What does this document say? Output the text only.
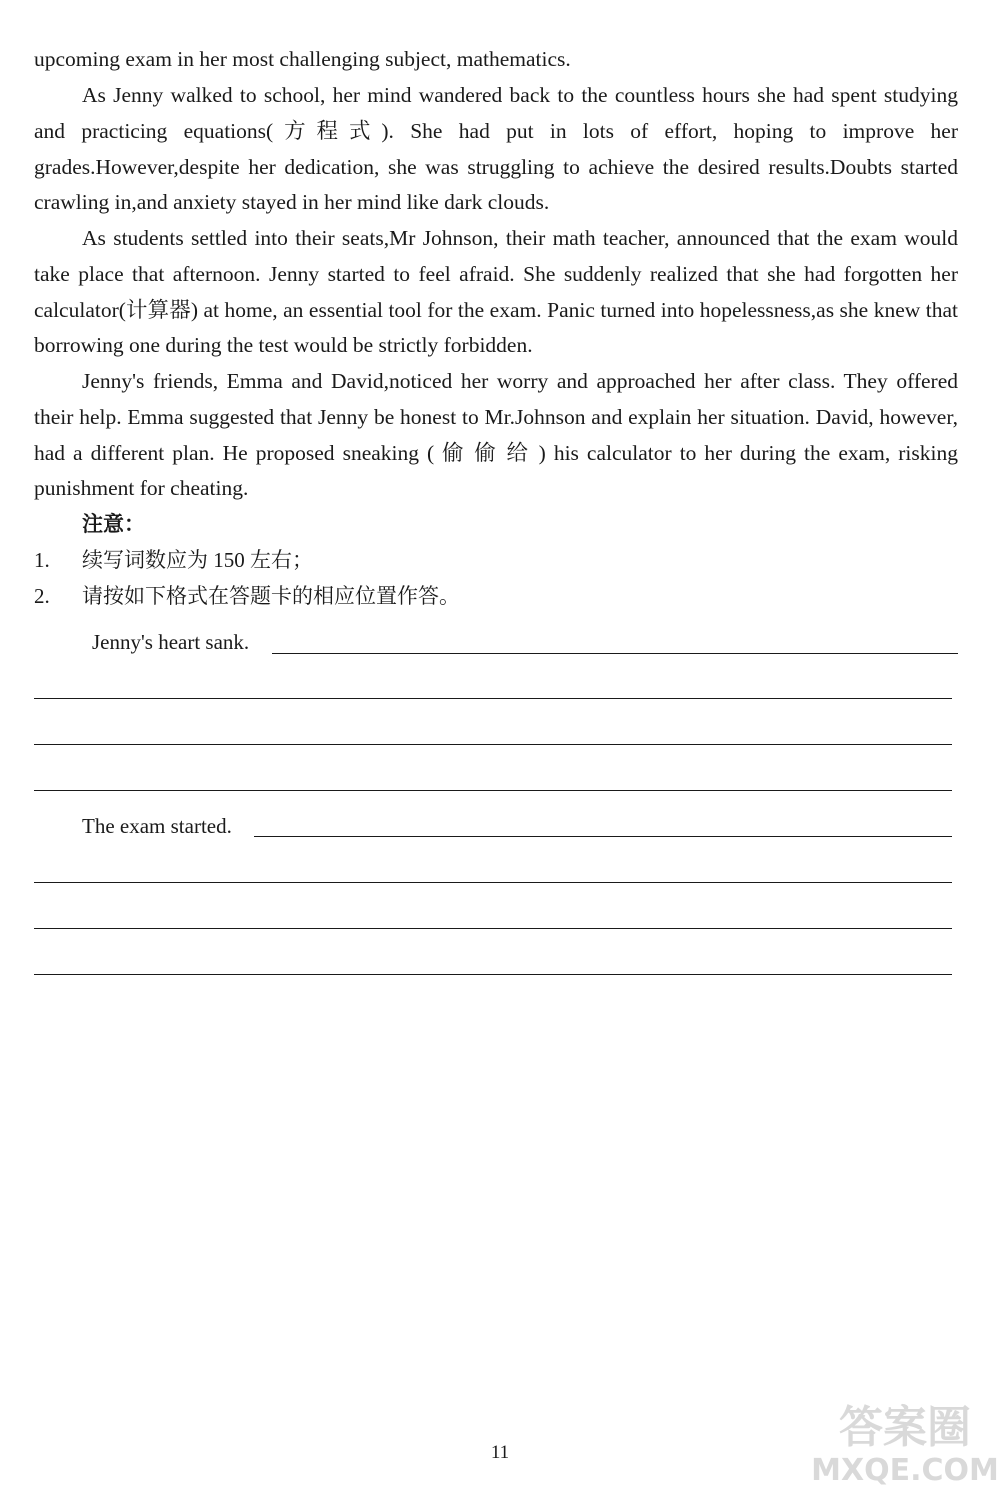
upcoming exam in her most challenging subject, mathematics.

As Jenny walked to school, her mind wandered back to the countless hours she had spent studying and practicing equations(方程式). She had put in lots of effort, hoping to improve her grades.However,despite her dedication, she was struggling to achieve the desired results.Doubts started crawling in,and anxiety stayed in her mind like dark clouds.

As students settled into their seats,Mr Johnson, their math teacher, announced that the exam would take place that afternoon. Jenny started to feel afraid. She suddenly realized that she had forgotten her calculator(计算器) at home, an essential tool for the exam. Panic turned into hopelessness,as she knew that borrowing one during the test would be strictly forbidden.

Jenny's friends, Emma and David,noticed her worry and approached her after class. They offered their help. Emma suggested that Jenny be honest to Mr.Johnson and explain her situation. David, however, had a different plan. He proposed sneaking ( 偷 偷 给 ) his calculator to her during the exam, risking punishment for cheating.

注意：
1. 续写词数应为 150 左右；
2. 请按如下格式在答题卡的相应位置作答。
Jenny's heart sank.
The exam started.
11	答案圈
MXQE.COM
